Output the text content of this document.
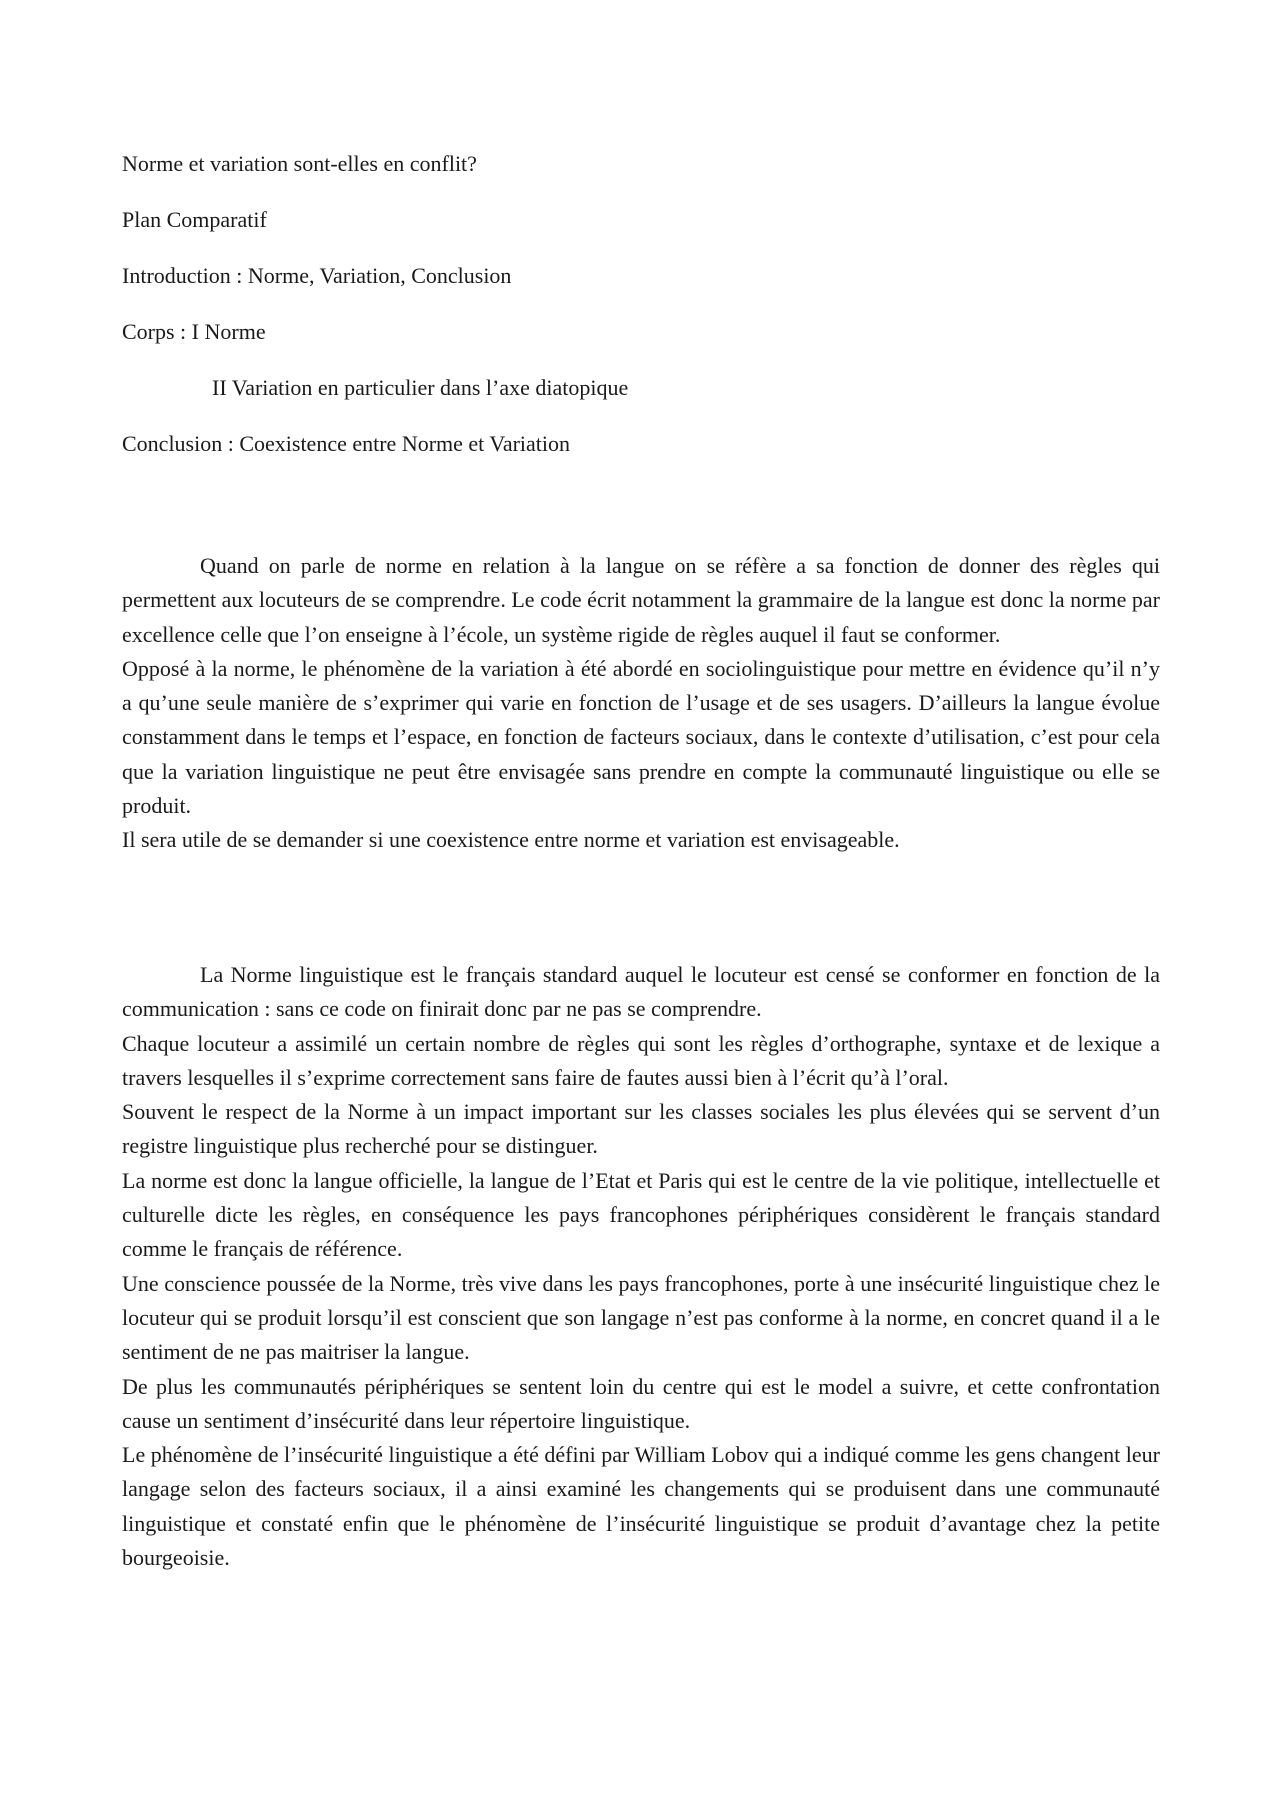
Norme et variation sont-elles en conflit?

Plan Comparatif

Introduction : Norme, Variation, Conclusion

Corps : I Norme

II Variation en particulier dans l’axe diatopique

Conclusion : Coexistence entre Norme et Variation

Quand on parle de norme en relation à la langue on se réfère a sa fonction de donner des règles qui permettent aux locuteurs de se comprendre. Le code écrit notamment la grammaire de la langue est donc la norme par excellence celle que l’on enseigne à l’école, un système rigide de règles auquel il faut se conformer.

Opposé à la norme, le phénomène de la variation à été abordé en sociolinguistique pour mettre en évidence qu’il n’y a qu’une seule manière de s’exprimer qui varie en fonction de l’usage et de ses usagers. D’ailleurs la langue évolue constamment dans le temps et l’espace, en fonction de facteurs sociaux, dans le contexte d’utilisation, c’est pour cela que la variation linguistique ne peut être envisagée sans prendre en compte la communauté linguistique ou elle se produit.

Il sera utile de se demander si une coexistence entre norme et variation est envisageable.

La Norme linguistique est le français standard auquel le locuteur est censé se conformer en fonction de la communication : sans ce code on finirait donc par ne pas se comprendre.

Chaque locuteur a assimilé un certain nombre de règles qui sont les règles d’orthographe, syntaxe et de lexique a travers lesquelles il s’exprime correctement sans faire de fautes aussi bien à l’écrit qu’à l’oral.

Souvent le respect de la Norme à un impact important sur les classes sociales les plus élevées qui se servent d’un registre linguistique plus recherché pour se distinguer.

La norme est donc la langue officielle, la langue de l’Etat et Paris qui est le centre de la vie politique, intellectuelle et culturelle dicte les règles, en conséquence les pays francophones périphériques considèrent le français standard comme le français de référence.

Une conscience poussée de la Norme, très vive dans les pays francophones, porte à une insécurité linguistique chez le locuteur qui se produit lorsqu’il est conscient que son langage n’est pas conforme à la norme, en concret quand il a le sentiment de ne pas maitriser la langue.

De plus les communautés périphériques se sentent loin du centre qui est le model a suivre, et cette confrontation cause un sentiment d’insécurité dans leur répertoire linguistique.

Le phénomène de l’insécurité linguistique a été défini par William Lobov qui a indiqué comme les gens changent leur langage selon des facteurs sociaux, il a ainsi examiné les changements qui se produisent dans une communauté linguistique et constaté enfin que le phénomène de l’insécurité linguistique se produit d’avantage chez la petite bourgeoisie.
